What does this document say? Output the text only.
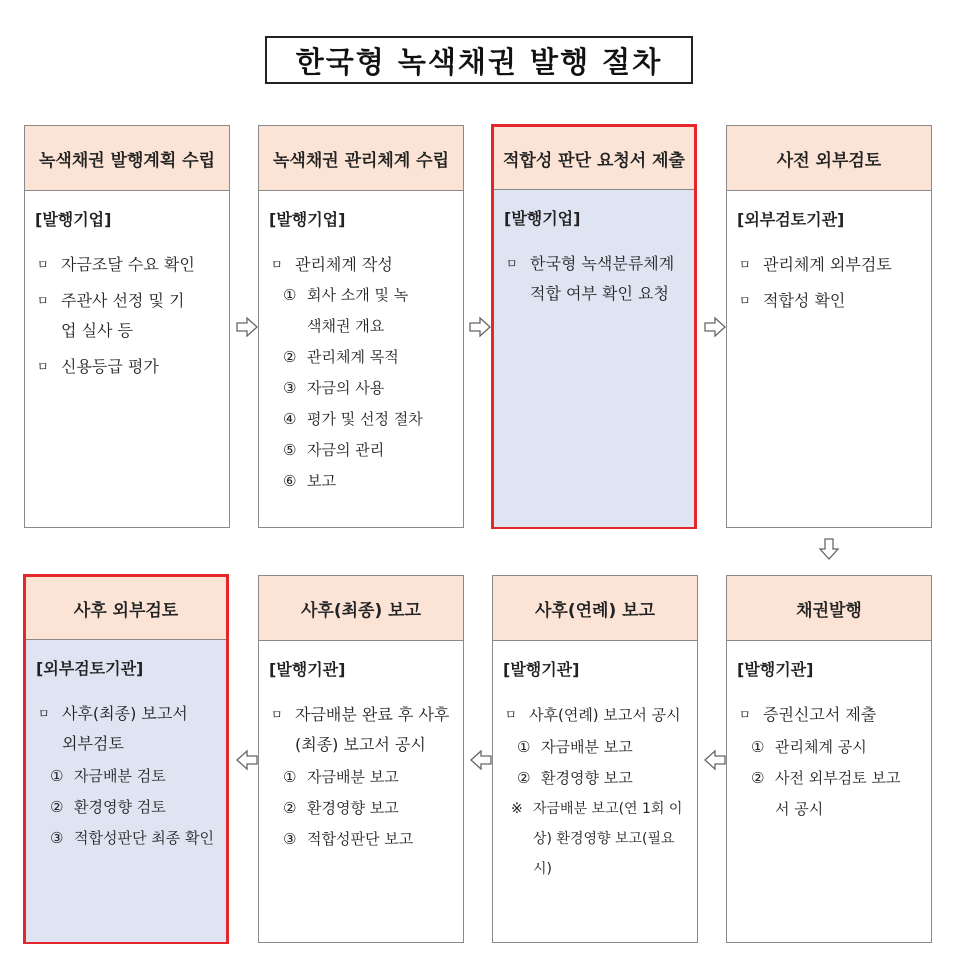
한국형 녹색채권 발행 절차
녹색채권 발행계획 수립
[발행기업]
ㅁ 자금조달 수요 확인
ㅁ 주관사 선정 및 기업 실사 등
ㅁ 신용등급 평가
녹색채권 관리체계 수립
[발행기업]
ㅁ 관리체계 작성
① 회사 소개 및 녹색채권 개요
② 관리체계 목적
③ 자금의 사용
④ 평가 및 선정 절차
⑤ 자금의 관리
⑥ 보고
적합성 판단 요청서 제출
[발행기업]
ㅁ 한국형 녹색분류체계 적합 여부 확인 요청
사전 외부검토
[외부검토기관]
ㅁ 관리체계 외부검토
ㅁ 적합성 확인
사후 외부검토
[외부검토기관]
ㅁ 사후(최종) 보고서 외부검토
① 자금배분 검토
② 환경영향 검토
③ 적합성판단 최종 확인
사후(최종) 보고
[발행기관]
ㅁ 자금배분 완료 후 사후(최종) 보고서 공시
① 자금배분 보고
② 환경영향 보고
③ 적합성판단 보고
사후(연례) 보고
[발행기관]
ㅁ 사후(연례) 보고서 공시
① 자금배분 보고
② 환경영향 보고
※ 자금배분 보고(연 1회 이상) 환경영향 보고(필요시)
채권발행
[발행기관]
ㅁ 증권신고서 제출
① 관리체계 공시
② 사전 외부검토 보고서 공시
